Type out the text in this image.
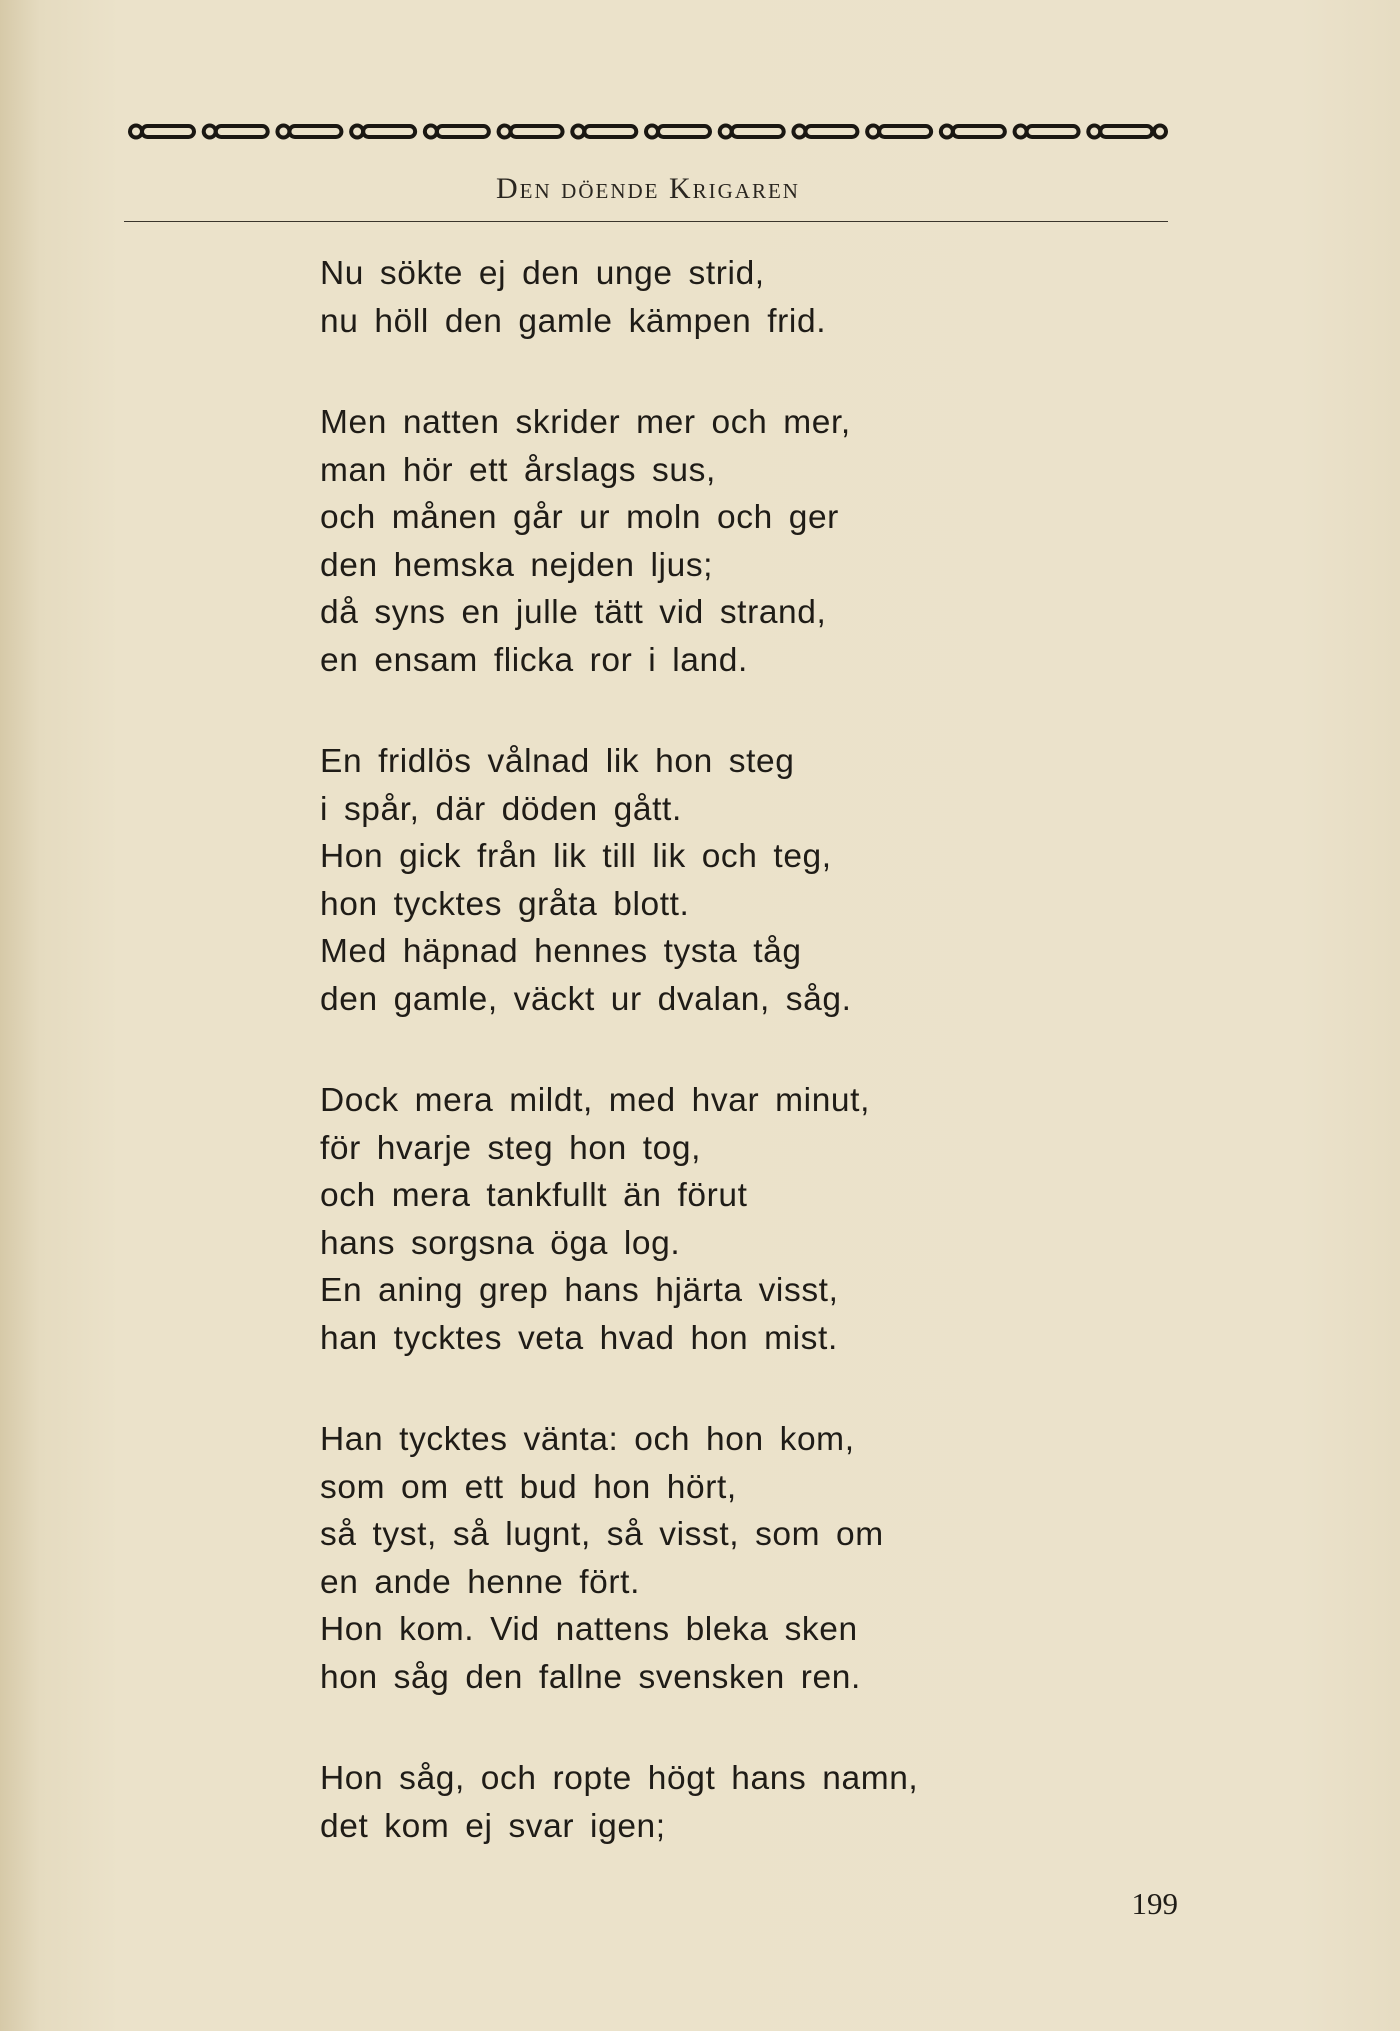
Den döende Krigaren
Nu sökte ej den unge strid,
nu höll den gamle kämpen frid.
Men natten skrider mer och mer,
man hör ett årslags sus,
och månen går ur moln och ger
den hemska nejden ljus;
då syns en julle tätt vid strand,
en ensam flicka ror i land.
En fridlös vålnad lik hon steg
i spår, där döden gått.
Hon gick från lik till lik och teg,
hon tycktes gråta blott.
Med häpnad hennes tysta tåg
den gamle, väckt ur dvalan, såg.
Dock mera mildt, med hvar minut,
för hvarje steg hon tog,
och mera tankfullt än förut
hans sorgsna öga log.
En aning grep hans hjärta visst,
han tycktes veta hvad hon mist.
Han tycktes vänta: och hon kom,
som om ett bud hon hört,
så tyst, så lugnt, så visst, som om
en ande henne fört.
Hon kom. Vid nattens bleka sken
hon såg den fallne svensken ren.
Hon såg, och ropte högt hans namn,
det kom ej svar igen;
199
